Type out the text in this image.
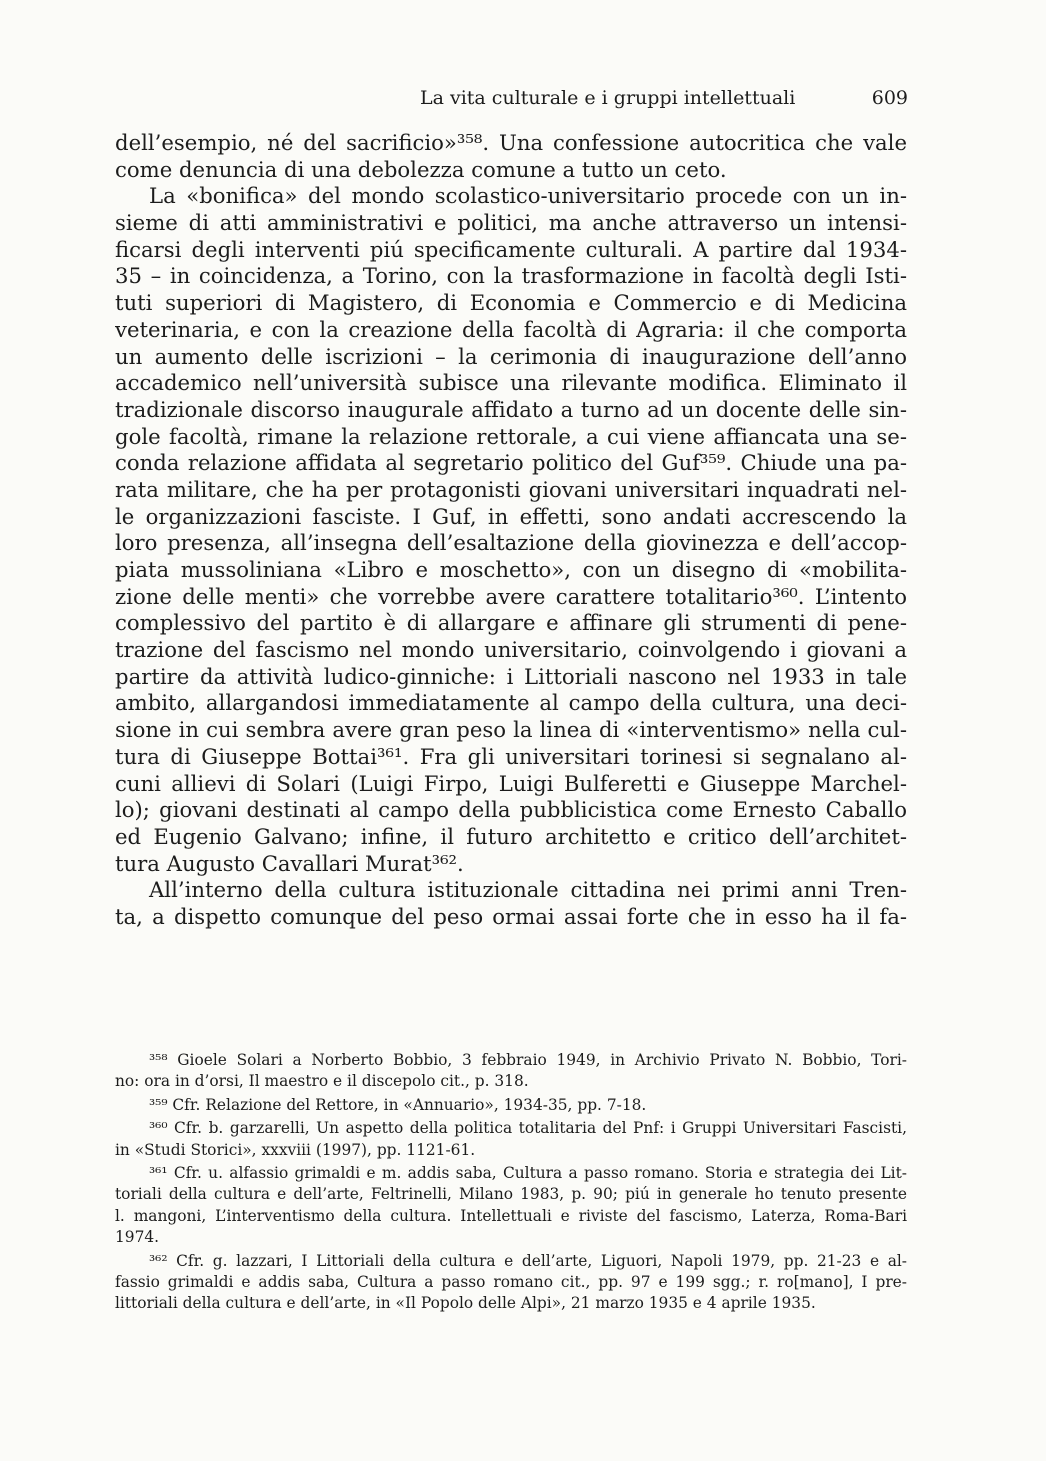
La vita culturale e i gruppi intellettuali	609
dell’esempio, né del sacrificio»³⁵⁸. Una confessione autocritica che vale
come denuncia di una debolezza comune a tutto un ceto.
La «bonifica» del mondo scolastico-universitario procede con un in-
sieme di atti amministrativi e politici, ma anche attraverso un intensi-
ficarsi degli interventi piú specificamente culturali. A partire dal 1934-
35 – in coincidenza, a Torino, con la trasformazione in facoltà degli Isti-
tuti superiori di Magistero, di Economia e Commercio e di Medicina
veterinaria, e con la creazione della facoltà di Agraria: il che comporta
un aumento delle iscrizioni – la cerimonia di inaugurazione dell’anno
accademico nell’università subisce una rilevante modifica. Eliminato il
tradizionale discorso inaugurale affidato a turno ad un docente delle sin-
gole facoltà, rimane la relazione rettorale, a cui viene affiancata una se-
conda relazione affidata al segretario politico del Guf³⁵⁹. Chiude una pa-
rata militare, che ha per protagonisti giovani universitari inquadrati nel-
le organizzazioni fasciste. I Guf, in effetti, sono andati accrescendo la
loro presenza, all’insegna dell’esaltazione della giovinezza e dell’accop-
piata mussoliniana «Libro e moschetto», con un disegno di «mobilita-
zione delle menti» che vorrebbe avere carattere totalitario³⁶⁰. L’intento
complessivo del partito è di allargare e affinare gli strumenti di pene-
trazione del fascismo nel mondo universitario, coinvolgendo i giovani a
partire da attività ludico-ginniche: i Littoriali nascono nel 1933 in tale
ambito, allargandosi immediatamente al campo della cultura, una deci-
sione in cui sembra avere gran peso la linea di «interventismo» nella cul-
tura di Giuseppe Bottai³⁶¹. Fra gli universitari torinesi si segnalano al-
cuni allievi di Solari (Luigi Firpo, Luigi Bulferetti e Giuseppe Marchel-
lo); giovani destinati al campo della pubblicistica come Ernesto Caballo
ed Eugenio Galvano; infine, il futuro architetto e critico dell’architet-
tura Augusto Cavallari Murat³⁶².
All’interno della cultura istituzionale cittadina nei primi anni Tren-
ta, a dispetto comunque del peso ormai assai forte che in esso ha il fa-
³⁵⁸ Gioele Solari a Norberto Bobbio, 3 febbraio 1949, in Archivio Privato N. Bobbio, Tori-
no: ora in d’orsi, Il maestro e il discepolo cit., p. 318.
³⁵⁹ Cfr. Relazione del Rettore, in «Annuario», 1934-35, pp. 7-18.
³⁶⁰ Cfr. b. garzarelli, Un aspetto della politica totalitaria del Pnf: i Gruppi Universitari Fascisti,
in «Studi Storici», xxxviii (1997), pp. 1121-61.
³⁶¹ Cfr. u. alfassio grimaldi e m. addis saba, Cultura a passo romano. Storia e strategia dei Lit-
toriali della cultura e dell’arte, Feltrinelli, Milano 1983, p. 90; piú in generale ho tenuto presente
l. mangoni, L’interventismo della cultura. Intellettuali e riviste del fascismo, Laterza, Roma-Bari
1974.
³⁶² Cfr. g. lazzari, I Littoriali della cultura e dell’arte, Liguori, Napoli 1979, pp. 21-23 e al-
fassio grimaldi e addis saba, Cultura a passo romano cit., pp. 97 e 199 sgg.; r. ro[mano], I pre-
littoriali della cultura e dell’arte, in «Il Popolo delle Alpi», 21 marzo 1935 e 4 aprile 1935.
